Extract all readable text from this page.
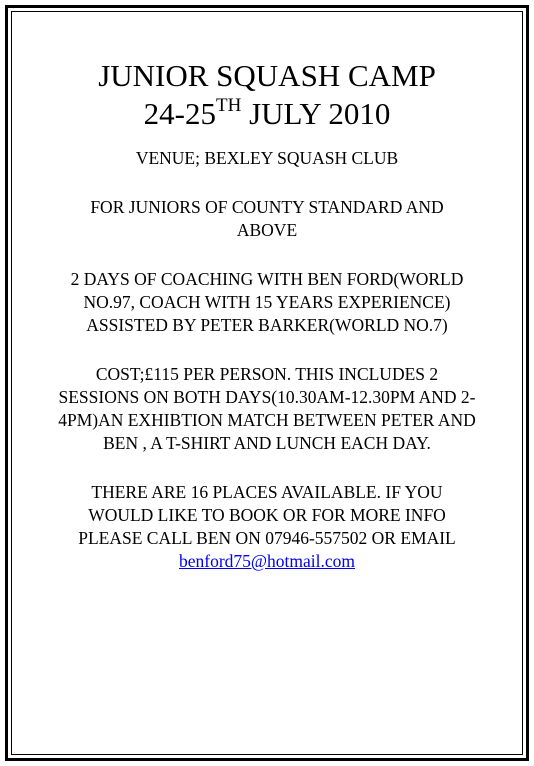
JUNIOR SQUASH CAMP
24-25TH JULY 2010

VENUE; BEXLEY SQUASH CLUB

FOR JUNIORS OF COUNTY STANDARD AND ABOVE

2 DAYS OF COACHING WITH BEN FORD(WORLD NO.97, COACH WITH 15 YEARS EXPERIENCE) ASSISTED BY PETER BARKER(WORLD NO.7)

COST;£115 PER PERSON. THIS INCLUDES 2 SESSIONS ON BOTH DAYS(10.30AM-12.30PM AND 2-4PM)AN EXHIBTION MATCH BETWEEN PETER AND BEN , A T-SHIRT AND LUNCH EACH DAY.

THERE ARE 16 PLACES AVAILABLE. IF YOU WOULD LIKE TO BOOK OR FOR MORE INFO PLEASE CALL BEN ON 07946-557502 OR EMAIL benford75@hotmail.com
